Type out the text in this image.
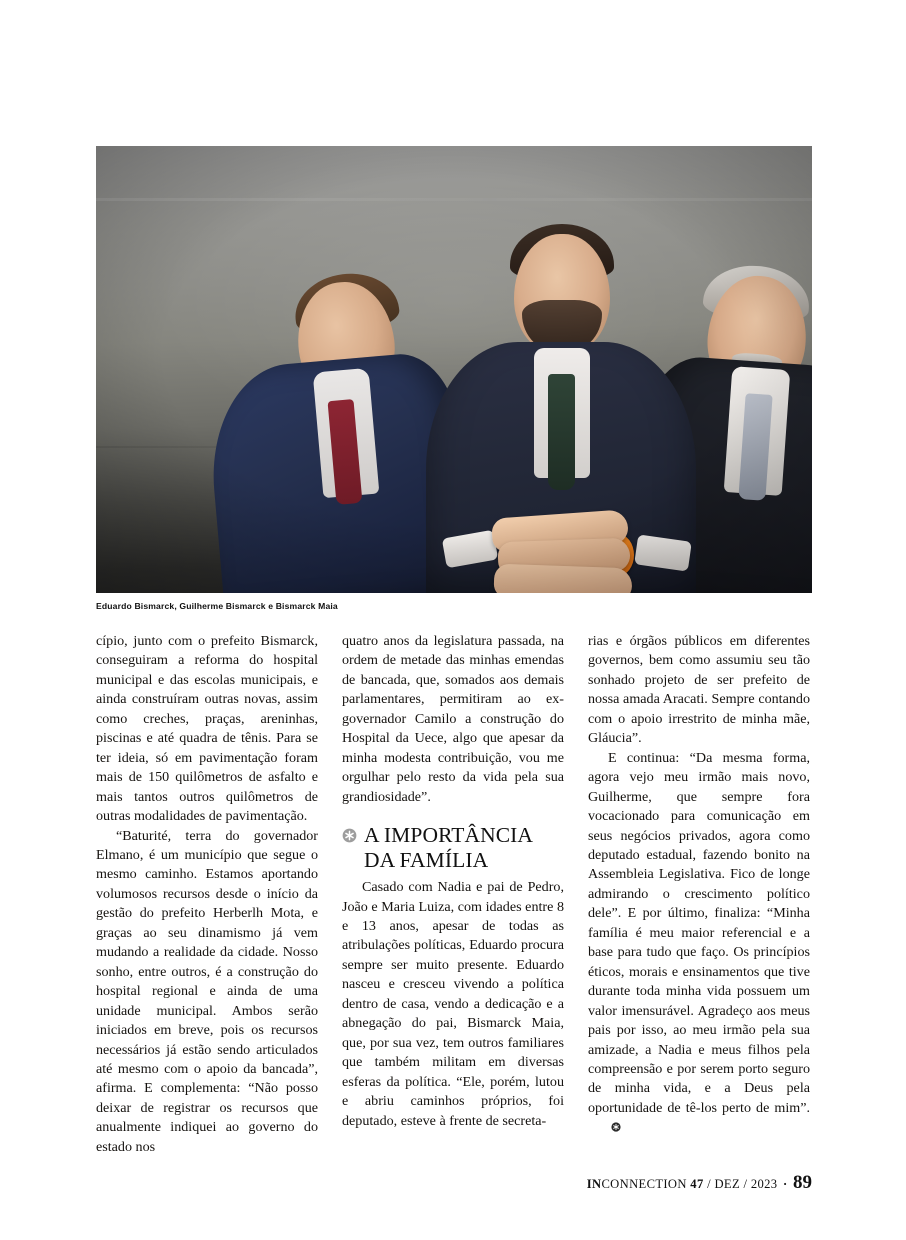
Eduardo Bismarck, Guilherme Bismarck e Bismarck Maia

cípio, junto com o prefeito Bismarck, conseguiram a reforma do hospital municipal e das escolas municipais, e ainda construíram outras novas, assim como creches, praças, areninhas, piscinas e até quadra de tênis. Para se ter ideia, só em pavimentação foram mais de 150 quilômetros de asfalto e mais tantos outros quilômetros de outras modalidades de pavimentação.

“Baturité, terra do governador Elmano, é um município que segue o mesmo caminho. Estamos aportando volumosos recursos desde o início da gestão do prefeito Herberlh Mota, e graças ao seu dinamismo já vem mudando a realidade da cidade. Nosso sonho, entre outros, é a construção do hospital regional e ainda de uma unidade municipal. Ambos serão iniciados em breve, pois os recursos necessários já estão sendo articulados até mesmo com o apoio da bancada”, afirma. E complementa: “Não posso deixar de registrar os recursos que anualmente indiquei ao governo do estado nos

quatro anos da legislatura passada, na ordem de metade das minhas emendas de bancada, que, somados aos demais parlamentares, permitiram ao ex-governador Camilo a construção do Hospital da Uece, algo que apesar da minha modesta contribuição, vou me orgulhar pelo resto da vida pela sua grandiosidade”.

A IMPORTÂNCIA DA FAMÍLIA

Casado com Nadia e pai de Pedro, João e Maria Luiza, com idades entre 8 e 13 anos, apesar de todas as atribulações políticas, Eduardo procura sempre ser muito presente. Eduardo nasceu e cresceu vivendo a política dentro de casa, vendo a dedicação e a abnegação do pai, Bismarck Maia, que, por sua vez, tem outros familiares que também militam em diversas esferas da política. “Ele, porém, lutou e abriu caminhos próprios, foi deputado, esteve à frente de secreta-

rias e órgãos públicos em diferentes governos, bem como assumiu seu tão sonhado projeto de ser prefeito de nossa amada Aracati. Sempre contando com o apoio irrestrito de minha mãe, Gláucia”.

E continua: “Da mesma forma, agora vejo meu irmão mais novo, Guilherme, que sempre fora vocacionado para comunicação em seus negócios privados, agora como deputado estadual, fazendo bonito na Assembleia Legislativa. Fico de longe admirando o crescimento político dele”. E por último, finaliza: “Minha família é meu maior referencial e a base para tudo que faço. Os princípios éticos, morais e ensinamentos que tive durante toda minha vida possuem um valor imensurável. Agradeço aos meus pais por isso, ao meu irmão pela sua amizade, a Nadia e meus filhos pela compreensão e por serem porto seguro de minha vida, e a Deus pela oportunidade de tê-los perto de mim”.

INCONNECTION 47 / DEZ / 2023 · 89
